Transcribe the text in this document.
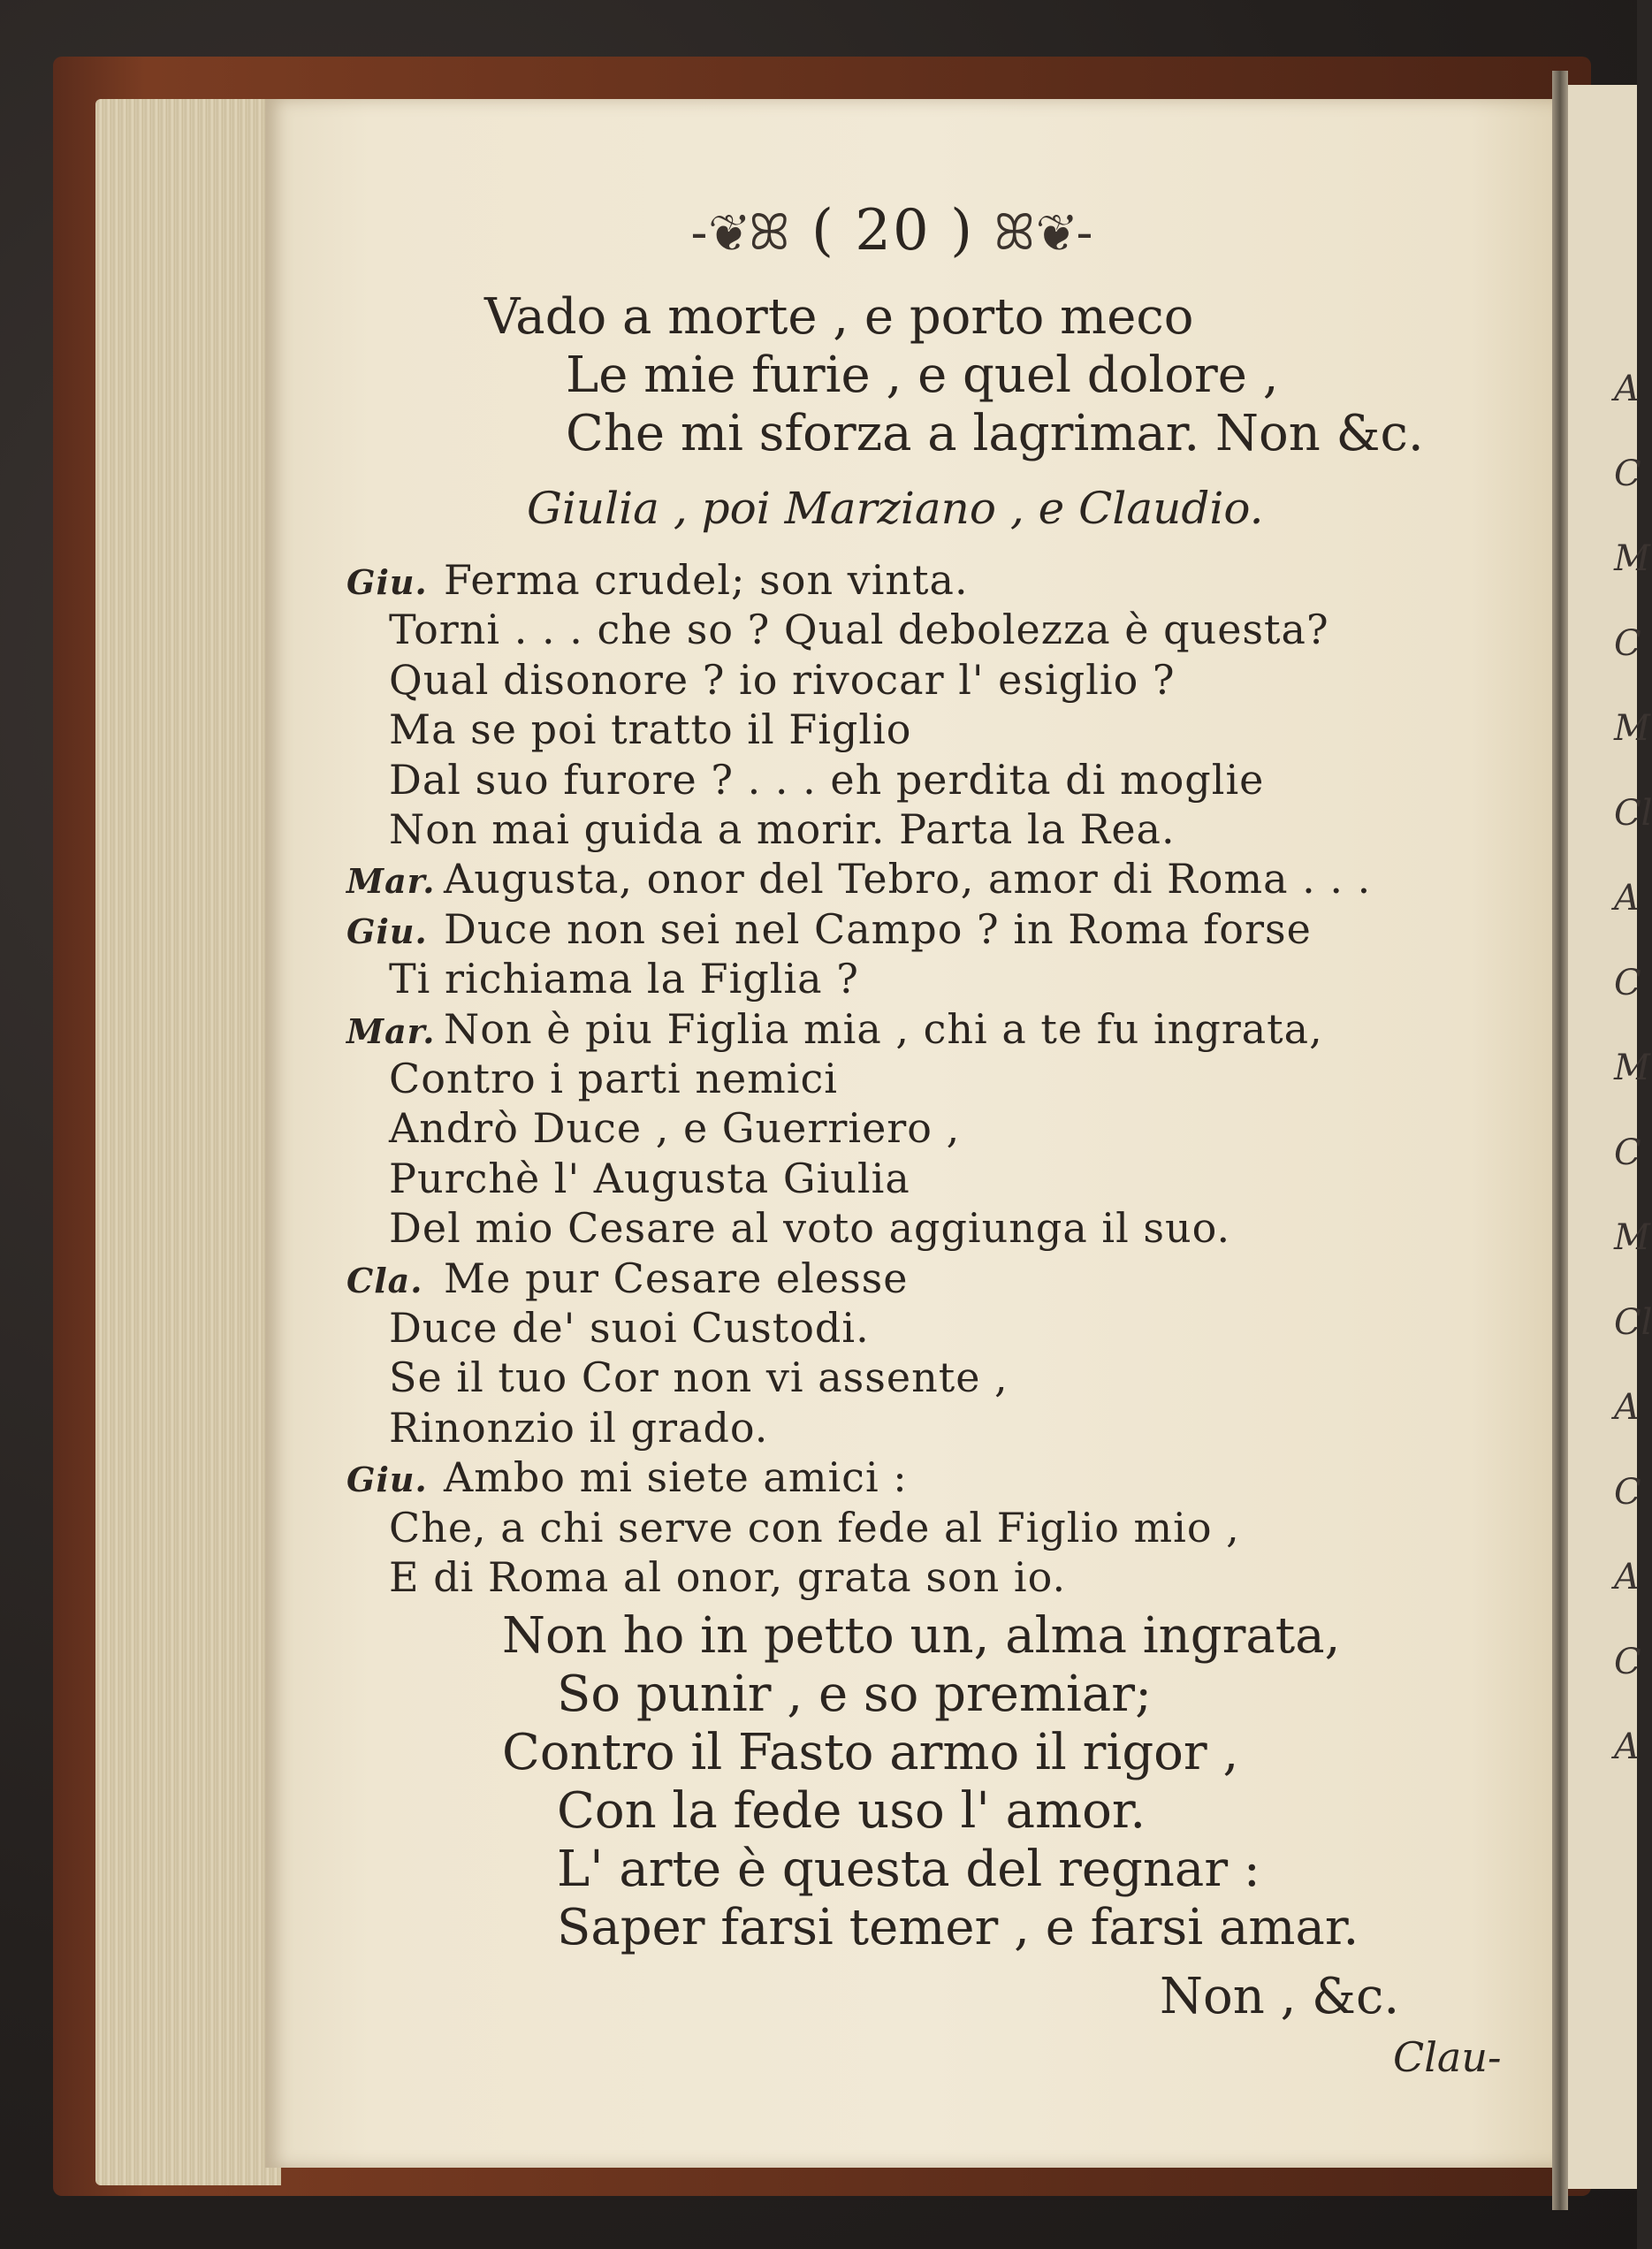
A
C
M
C
M
Cl
A
C
M
C
M
Cl
A
C
A
C
A
-❦ꕤ ( 20 ) ꕤ❦-
Vado a morte , e porto meco
Le mie furie , e quel dolore ,
Che mi sforza a lagrimar. Non &c.
Giulia , poi Marziano , e Claudio.
Giu. Ferma crudel; son vinta.
Torni . . . che so ? Qual debolezza è questa?
Qual disonore ? io rivocar l' esiglio ?
Ma se poi tratto il Figlio
Dal suo furore ? . . . eh perdita di moglie
Non mai guida a morir. Parta la Rea.
Mar. Augusta, onor del Tebro, amor di Roma . . .
Giu. Duce non sei nel Campo ? in Roma forse
Ti richiama la Figlia ?
Mar. Non è piu Figlia mia , chi a te fu ingrata,
Contro i parti nemici
Andrò Duce , e Guerriero ,
Purchè l' Augusta Giulia
Del mio Cesare al voto aggiunga il suo.
Cla. Me pur Cesare elesse
Duce de' suoi Custodi.
Se il tuo Cor non vi assente ,
Rinonzio il grado.
Giu. Ambo mi siete amici :
Che, a chi serve con fede al Figlio mio ,
E di Roma al onor, grata son io.
Non ho in petto un, alma ingrata,
So punir , e so premiar;
Contro il Fasto armo il rigor ,
Con la fede uso l' amor.
L' arte è questa del regnar :
Saper farsi temer , e farsi amar.
Non , &c.
Clau-
